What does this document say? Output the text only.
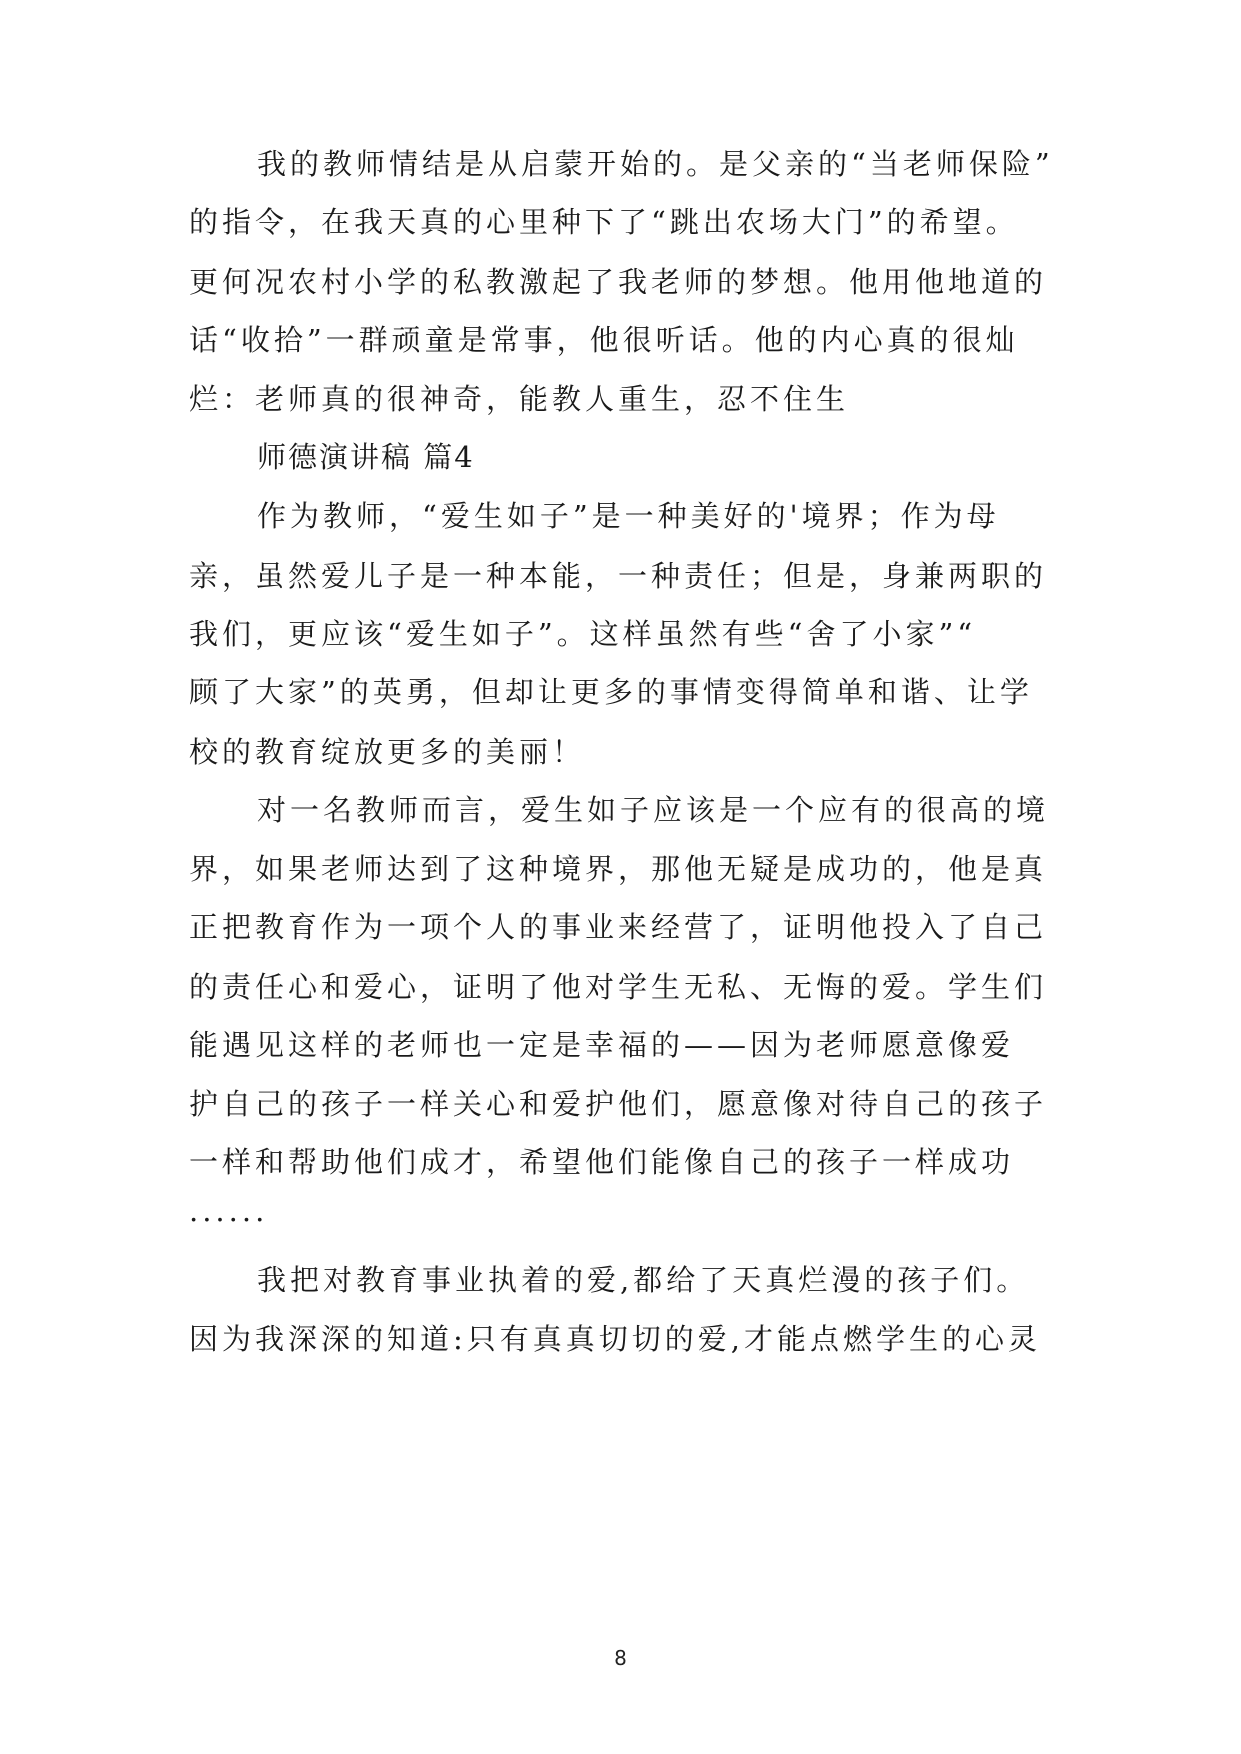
我的教师情结是从启蒙开始的。是父亲的“当老师保险”
的指令，在我天真的心里种下了“跳出农场大门”的希望。
更何况农村小学的私教激起了我老师的梦想。他用他地道的
话“收拾”一群顽童是常事，他很听话。他的内心真的很灿
烂：老师真的很神奇，能教人重生，忍不住生
师德演讲稿 篇4
作为教师，“爱生如子”是一种美好的'境界；作为母
亲，虽然爱儿子是一种本能，一种责任；但是，身兼两职的
我们，更应该“爱生如子”。这样虽然有些“舍了小家”“
顾了大家”的英勇，但却让更多的事情变得简单和谐、让学
校的教育绽放更多的美丽！
对一名教师而言，爱生如子应该是一个应有的很高的境
界，如果老师达到了这种境界，那他无疑是成功的，他是真
正把教育作为一项个人的事业来经营了，证明他投入了自己
的责任心和爱心，证明了他对学生无私、无悔的爱。学生们
能遇见这样的老师也一定是幸福的——因为老师愿意像爱
护自己的孩子一样关心和爱护他们，愿意像对待自己的孩子
一样和帮助他们成才，希望他们能像自己的孩子一样成功
......
我把对教育事业执着的爱,都给了天真烂漫的孩子们。
因为我深深的知道:只有真真切切的爱,才能点燃学生的心灵
8
